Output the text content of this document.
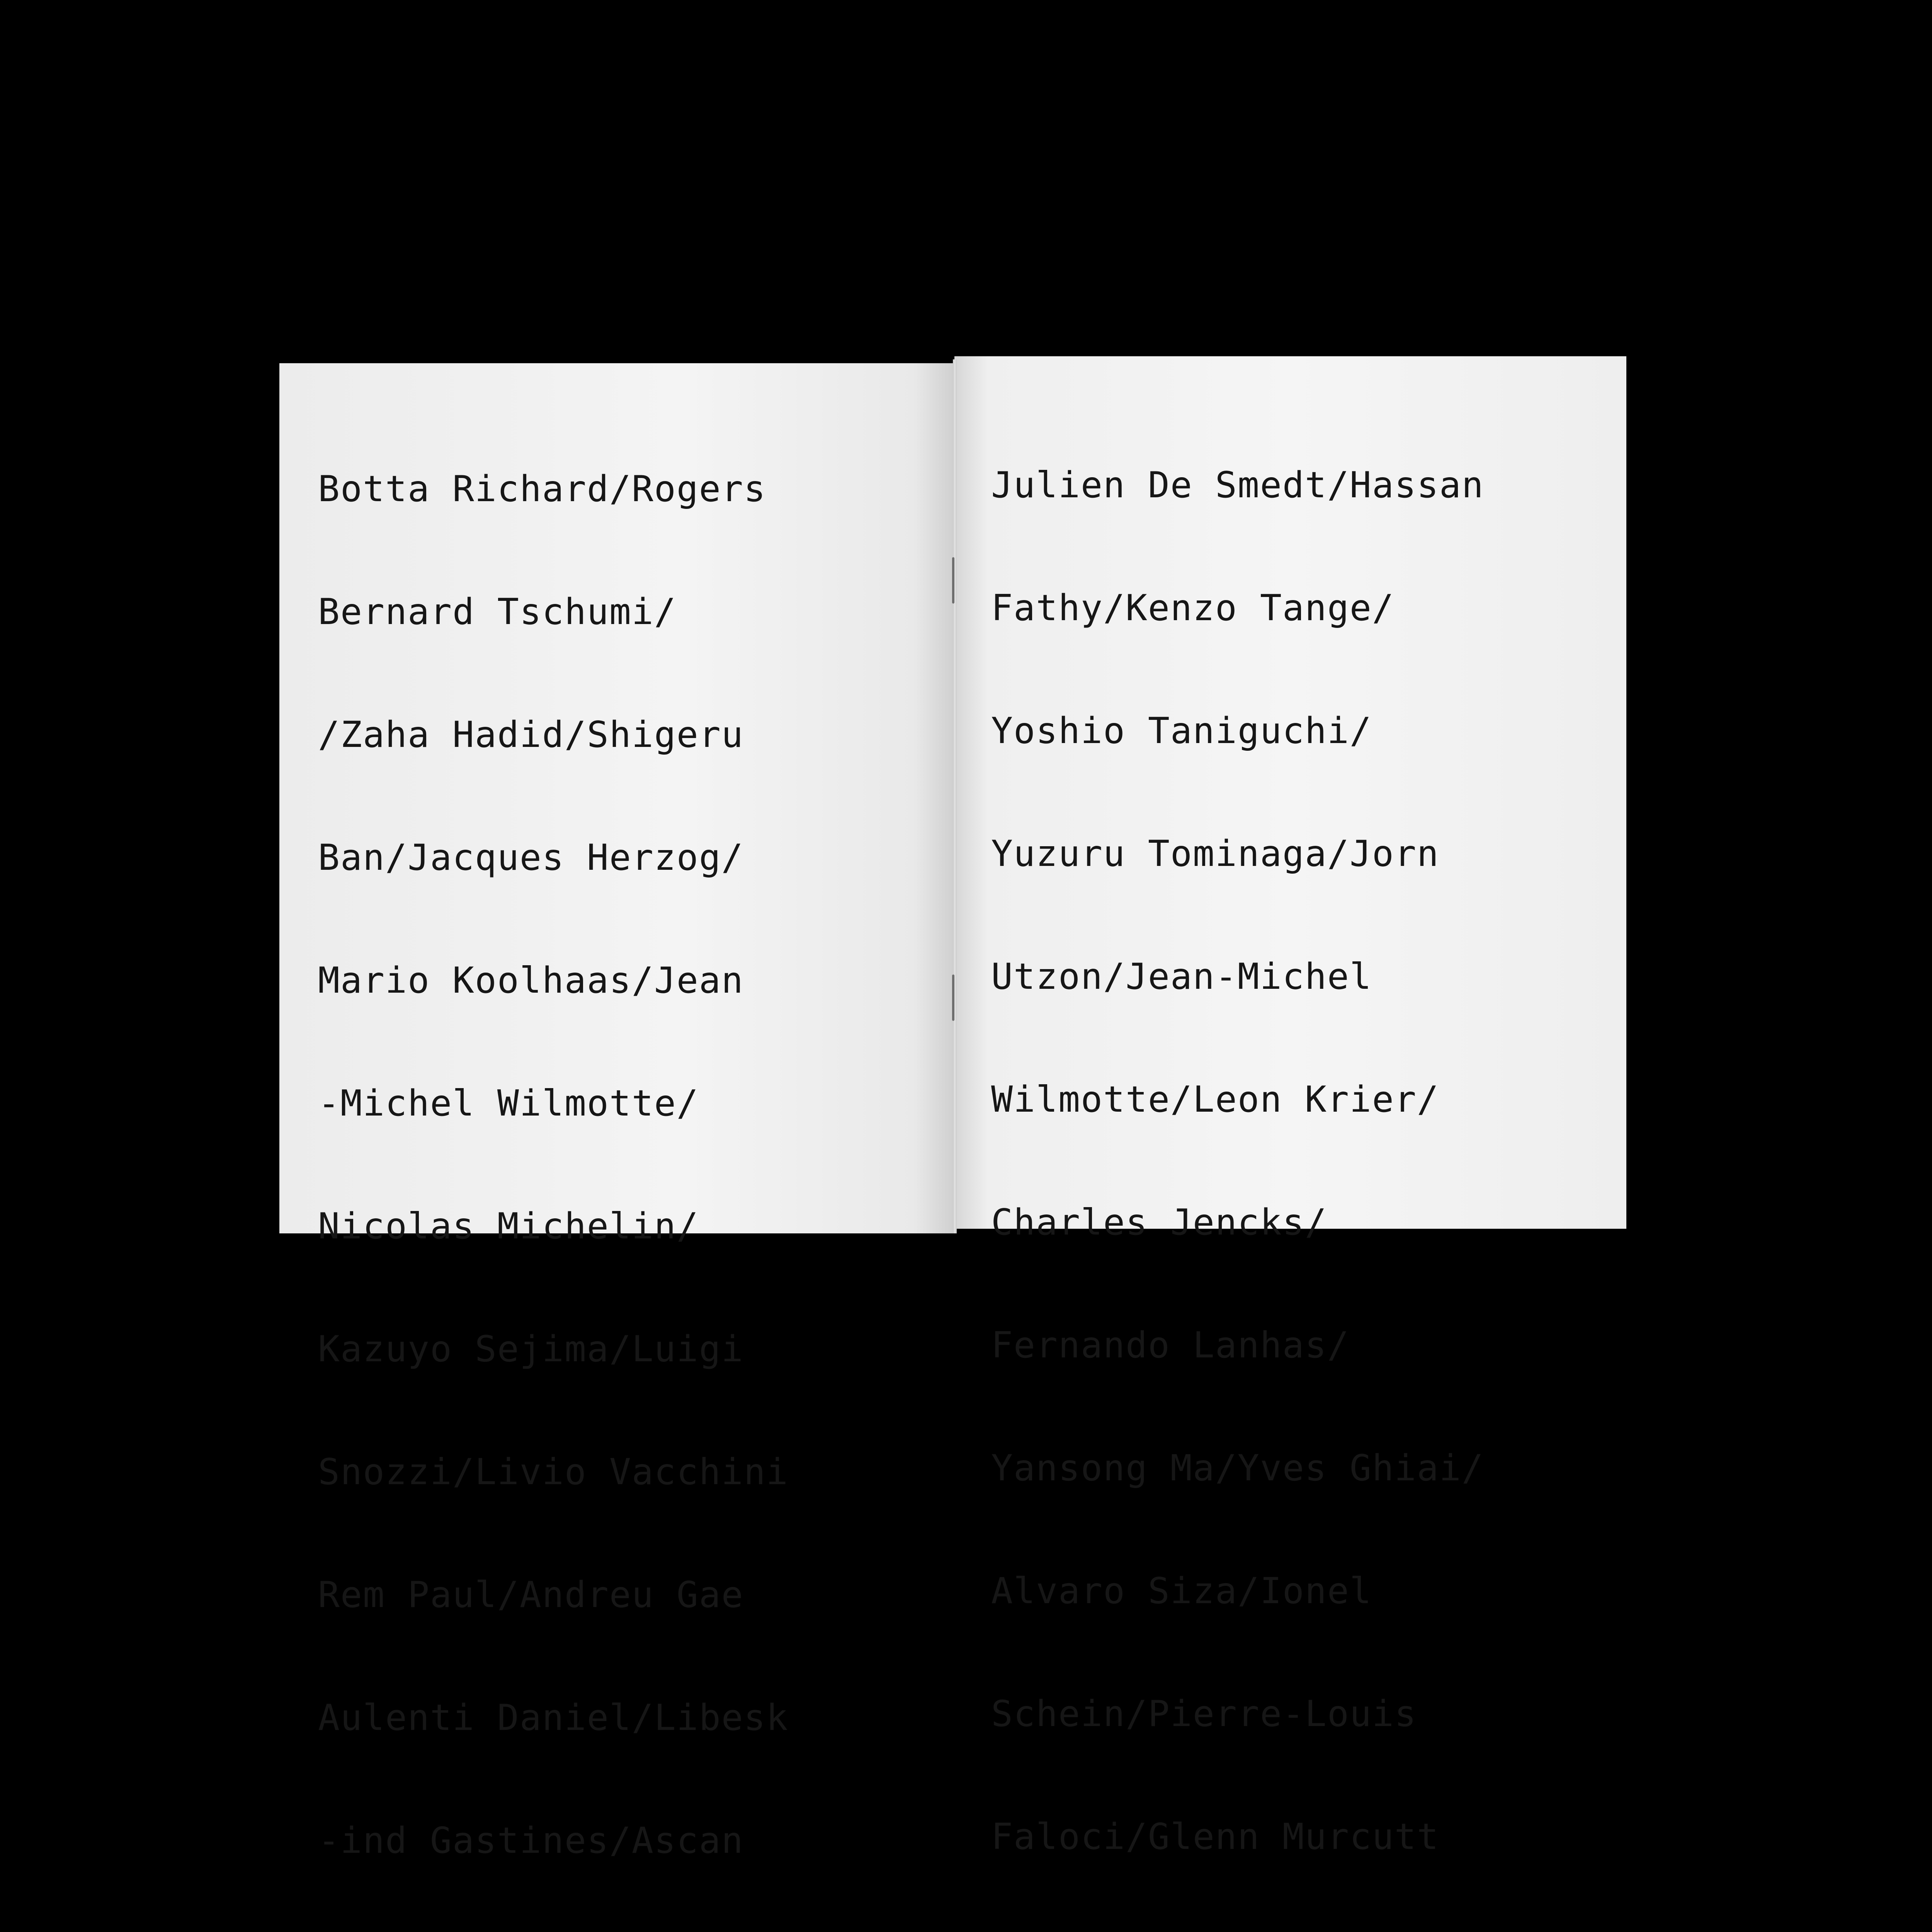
Botta Richard/Rogers

Bernard Tschumi/

/Zaha Hadid/Shigeru

Ban/Jacques Herzog/

Mario Koolhaas/Jean

-Michel Wilmotte/

Nicolas Michelin/

Kazuyo Sejima/Luigi

Snozzi/Livio Vacchini

Rem Paul/Andreu Gae

Aulenti Daniel/Libesk

-ind Gastines/Ascan

Julien De Smedt/Hassan

Fathy/Kenzo Tange/

Yoshio Taniguchi/

Yuzuru Tominaga/Jorn

Utzon/Jean-Michel

Wilmotte/Leon Krier/

Charles Jencks/

Fernando Lanhas/

Yansong Ma/Yves Ghiai/

Alvaro Siza/Ionel

Schein/Pierre-Louis

Faloci/Glenn Murcutt
